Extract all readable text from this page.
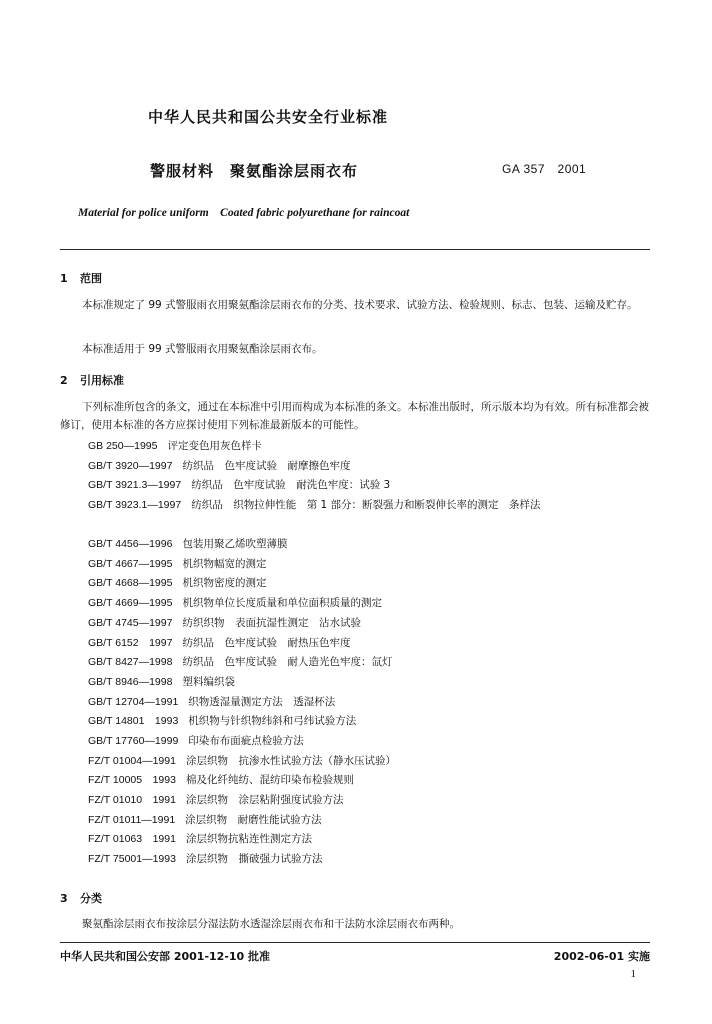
中华人民共和国公共安全行业标准
警服材料　聚氨酯涂层雨衣布	GA 357　2001
Material for police uniform　Coated fabric polyurethane for raincoat
1 范围
本标准规定了 99 式警服雨衣用聚氨酯涂层雨衣布的分类、技术要求、试验方法、检验规则、标志、包装、运输及贮存。
本标准适用于 99 式警服雨衣用聚氨酯涂层雨衣布。
2 引用标准
下列标准所包含的条文，通过在本标准中引用而构成为本标准的条文。本标准出版时，所示版本均为有效。所有标准都会被修订，使用本标准的各方应探讨使用下列标准最新版本的可能性。
GB 250—1995 评定变色用灰色样卡
GB/T 3920—1997 纺织品　色牢度试验　耐摩擦色牢度
GB/T 3921.3—1997 纺织品　色牢度试验　耐洗色牢度：试验 3
GB/T 3923.1—1997 纺织品　织物拉伸性能　第 1 部分：断裂强力和断裂伸长率的测定　条样法
GB/T 4456—1996 包装用聚乙烯吹塑薄膜
GB/T 4667—1995 机织物幅宽的测定
GB/T 4668—1995 机织物密度的测定
GB/T 4669—1995 机织物单位长度质量和单位面积质量的测定
GB/T 4745—1997 纺织织物　表面抗湿性测定　沾水试验
GB/T 6152　1997 纺织品　色牢度试验　耐热压色牢度
GB/T 8427—1998 纺织品　色牢度试验　耐人造光色牢度：氙灯
GB/T 8946—1998 塑料编织袋
GB/T 12704—1991 织物透湿量测定方法　透湿杯法
GB/T 14801　1993 机织物与针织物纬斜和弓纬试验方法
GB/T 17760—1999 印染布布面疵点检验方法
FZ/T 01004—1991 涂层织物　抗渗水性试验方法（静水压试验）
FZ/T 10005　1993 棉及化纤纯纺、混纺印染布检验规则
FZ/T 01010　1991 涂层织物　涂层粘附强度试验方法
FZ/T 01011—1991 涂层织物　耐磨性能试验方法
FZ/T 01063　1991 涂层织物抗粘连性测定方法
FZ/T 75001—1993 涂层织物　撕破强力试验方法
3 分类
聚氨酯涂层雨衣布按涂层分湿法防水透湿涂层雨衣布和干法防水涂层雨衣布两种。
中华人民共和国公安部 2001-12-10 批准	2002-06-01 实施
1
